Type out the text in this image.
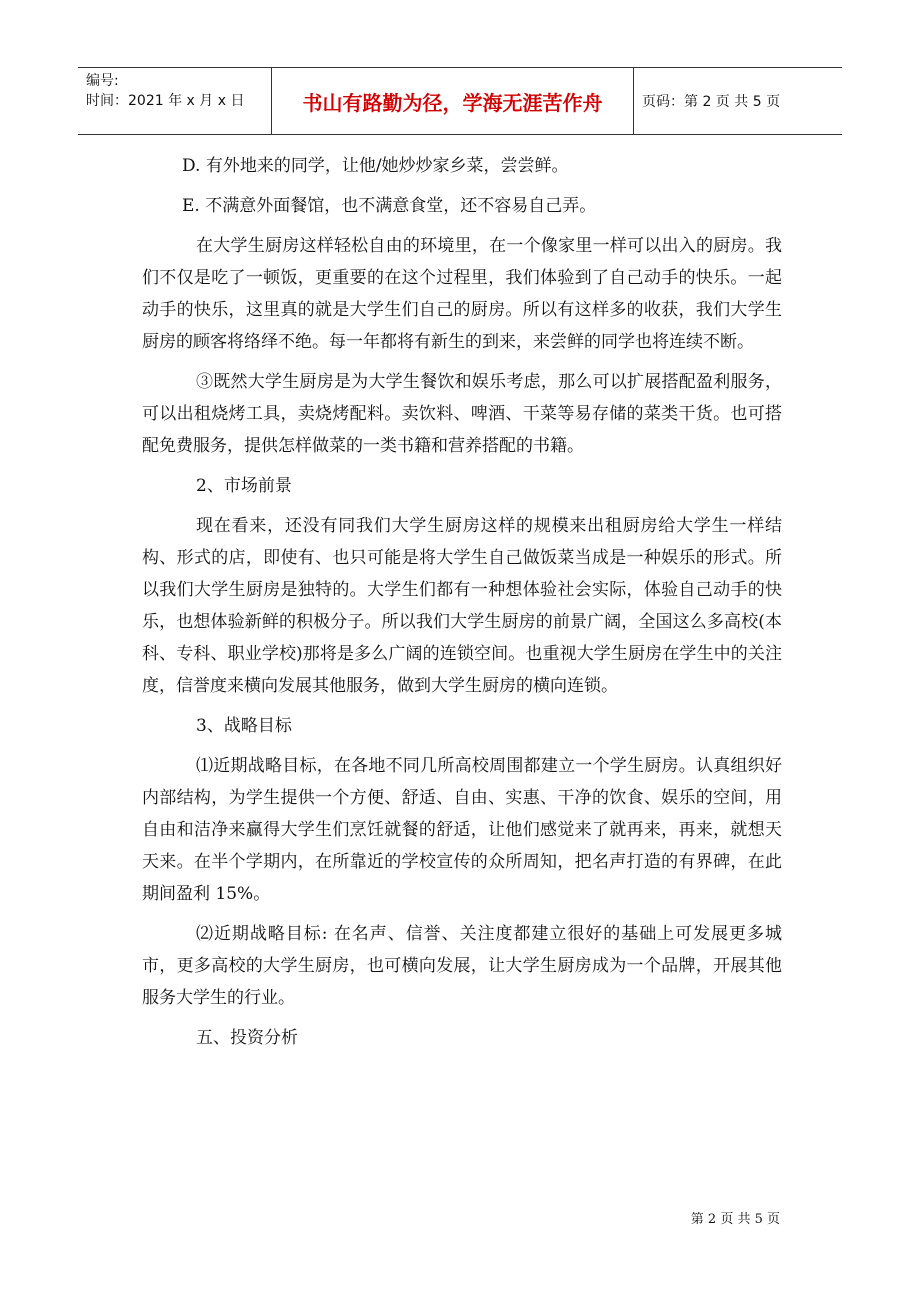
编号:
时间：2021 年 x 月 x 日	书山有路勤为径，学海无涯苦作舟	页码：第 2 页 共 5 页

D. 有外地来的同学，让他/她炒炒家乡菜，尝尝鲜。

E. 不满意外面餐馆，也不满意食堂，还不容易自己弄。

在大学生厨房这样轻松自由的环境里，在一个像家里一样可以出入的厨房。我们不仅是吃了一顿饭，更重要的在这个过程里，我们体验到了自己动手的快乐。一起动手的快乐，这里真的就是大学生们自己的厨房。所以有这样多的收获，我们大学生厨房的顾客将络绎不绝。每一年都将有新生的到来，来尝鲜的同学也将连续不断。

③既然大学生厨房是为大学生餐饮和娱乐考虑，那么可以扩展搭配盈利服务，可以出租烧烤工具，卖烧烤配料。卖饮料、啤酒、干菜等易存储的菜类干货。也可搭配免费服务，提供怎样做菜的一类书籍和营养搭配的书籍。

2、市场前景

现在看来，还没有同我们大学生厨房这样的规模来出租厨房给大学生一样结构、形式的店，即使有、也只可能是将大学生自己做饭菜当成是一种娱乐的形式。所以我们大学生厨房是独特的。大学生们都有一种想体验社会实际，体验自己动手的快乐，也想体验新鲜的积极分子。所以我们大学生厨房的前景广阔，全国这么多高校(本科、专科、职业学校)那将是多么广阔的连锁空间。也重视大学生厨房在学生中的关注度，信誉度来横向发展其他服务，做到大学生厨房的横向连锁。

3、战略目标

⑴近期战略目标，在各地不同几所高校周围都建立一个学生厨房。认真组织好内部结构，为学生提供一个方便、舒适、自由、实惠、干净的饮食、娱乐的空间，用自由和洁净来赢得大学生们烹饪就餐的舒适，让他们感觉来了就再来，再来，就想天天来。在半个学期内，在所靠近的学校宣传的众所周知，把名声打造的有界碑，在此期间盈利 15%。

⑵近期战略目标: 在名声、信誉、关注度都建立很好的基础上可发展更多城市，更多高校的大学生厨房，也可横向发展，让大学生厨房成为一个品牌，开展其他服务大学生的行业。

五、投资分析

第 2 页 共 5 页
